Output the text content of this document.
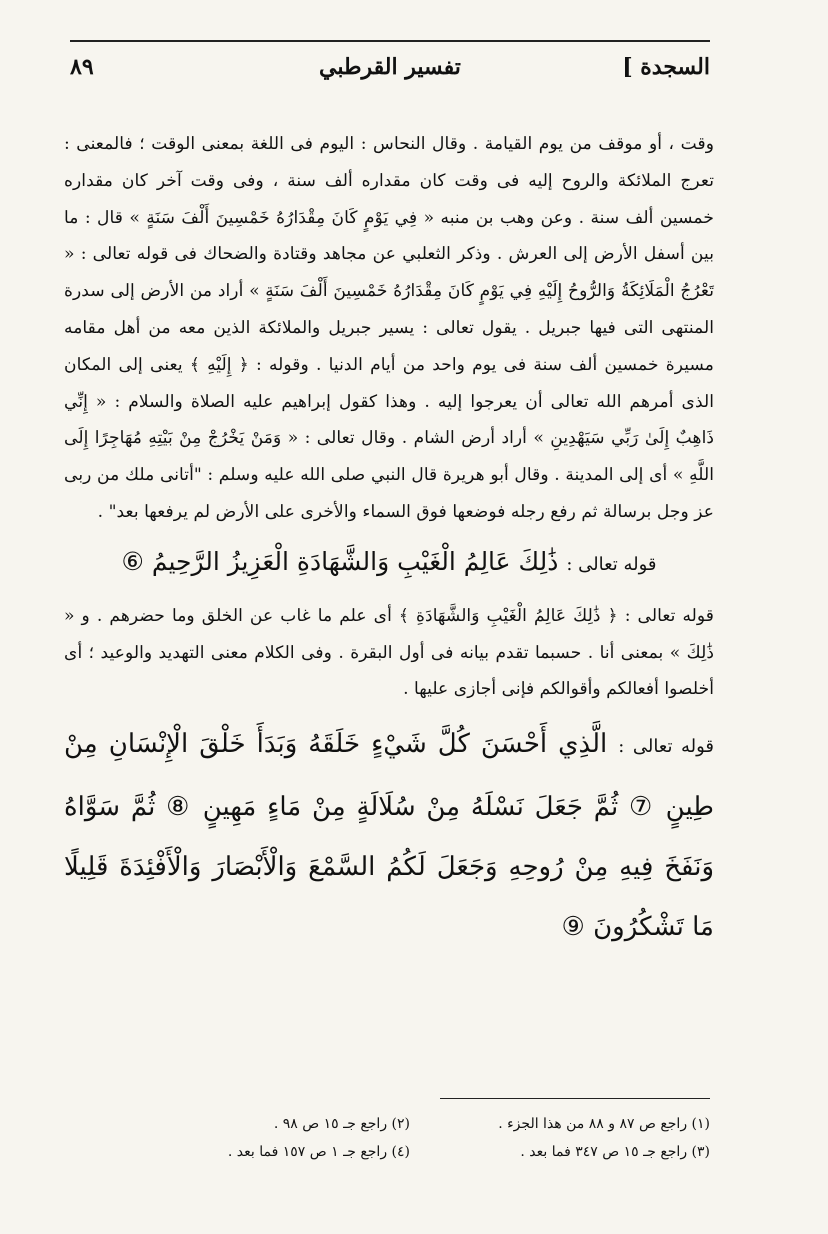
السجدة ]
تفسير القرطبي
٨٩

وقت ، أو موقف من يوم القيامة . وقال النحاس : اليوم فى اللغة بمعنى الوقت ؛ فالمعنى : تعرج الملائكة والروح إليه فى وقت كان مقداره ألف سنة ، وفى وقت آخر كان مقداره خمسين ألف سنة . وعن وهب بن منبه « فِي يَوْمٍ كَانَ مِقْدَارُهُ خَمْسِينَ أَلْفَ سَنَةٍ » قال : ما بين أسفل الأرض إلى العرش . وذكر الثعلبي عن مجاهد وقتادة والضحاك فى قوله تعالى : « تَعْرُجُ الْمَلَائِكَةُ وَالرُّوحُ إِلَيْهِ فِي يَوْمٍ كَانَ مِقْدَارُهُ خَمْسِينَ أَلْفَ سَنَةٍ » أراد من الأرض إلى سدرة المنتهى التى فيها جبريل . يقول تعالى : يسير جبريل والملائكة الذين معه من أهل مقامه مسيرة خمسين ألف سنة فى يوم واحد من أيام الدنيا . وقوله : ﴿ إِلَيْهِ ﴾ يعنى إلى المكان الذى أمرهم الله تعالى أن يعرجوا إليه . وهذا كقول إبراهيم عليه الصلاة والسلام : « إِنِّي ذَاهِبٌ إِلَىٰ رَبِّي سَيَهْدِينِ » أراد أرض الشام . وقال تعالى : « وَمَنْ يَخْرُجْ مِنْ بَيْتِهِ مُهَاجِرًا إِلَى اللَّهِ » أى إلى المدينة . وقال أبو هريرة قال النبي صلى الله عليه وسلم : "أتانى ملك من ربى عز وجل برسالة ثم رفع رجله فوضعها فوق السماء والأخرى على الأرض لم يرفعها بعد" .

قوله تعالى : ذَٰلِكَ عَالِمُ الْغَيْبِ وَالشَّهَادَةِ الْعَزِيزُ الرَّحِيمُ ⑥

قوله تعالى : ﴿ ذَٰلِكَ عَالِمُ الْغَيْبِ وَالشَّهَادَةِ ﴾ أى علم ما غاب عن الخلق وما حضرهم . و « ذَٰلِكَ » بمعنى أنا . حسبما تقدم بيانه فى أول البقرة . وفى الكلام معنى التهديد والوعيد ؛ أى أخلصوا أفعالكم وأقوالكم فإنى أجازى عليها .

قوله تعالى : الَّذِي أَحْسَنَ كُلَّ شَيْءٍ خَلَقَهُ وَبَدَأَ خَلْقَ الْإِنْسَانِ مِنْ طِينٍ ⑦ ثُمَّ جَعَلَ نَسْلَهُ مِنْ سُلَالَةٍ مِنْ مَاءٍ مَهِينٍ ⑧ ثُمَّ سَوَّاهُ وَنَفَخَ فِيهِ مِنْ رُوحِهِ وَجَعَلَ لَكُمُ السَّمْعَ وَالْأَبْصَارَ وَالْأَفْئِدَةَ قَلِيلًا مَا تَشْكُرُونَ ⑨
(١) راجع ص ٨٧ و ٨٨ من هذا الجزء .
(٢) راجع جـ ١٥ ص ٩٨ .
(٣) راجع جـ ١٥ ص ٣٤٧ فما بعد .
(٤) راجع جـ ١ ص ١٥٧ فما بعد .
